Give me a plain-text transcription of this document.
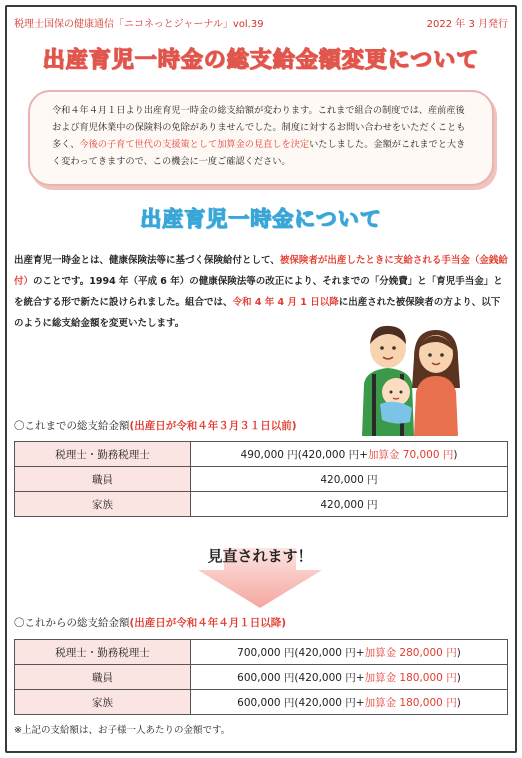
税理士国保の健康通信「ニコネっとジャーナル」vol.39	2022 年 3 月発行
出産育児一時金の総支給金額変更について
令和４年４月１日より出産育児一時金の総支給額が変わります。これまで組合の制度では、産前産後および育児休業中の保険料の免除がありませんでした。制度に対するお問い合わせをいただくことも多く、今後の子育て世代の支援策として加算金の見直しを決定いたしました。金額がこれまでと大きく変わってきますので、この機会に一度ご確認ください。
出産育児一時金について
出産育児一時金とは、健康保険法等に基づく保険給付として、被保険者が出産したときに支給される手当金（金銭給付）のことです。1994 年（平成 6 年）の健康保険法等の改正により、それまでの「分娩費」と「育児手当金」とを統合する形で新たに設けられました。組合では、令和 4 年 4 月 1 日以降に出産された被保険者の方より、以下のように総支給金額を変更いたします。
〇これまでの総支給金額(出産日が令和４年３月３１日以前)
税理士・勤務税理士	490,000 円(420,000 円+加算金 70,000 円)
職員	420,000 円
家族	420,000 円
見直されます！
〇これからの総支給金額(出産日が令和４年４月１日以降)
税理士・勤務税理士	700,000 円(420,000 円+加算金 280,000 円)
職員	600,000 円(420,000 円+加算金 180,000 円)
家族	600,000 円(420,000 円+加算金 180,000 円)
※上記の支給額は、お子様一人あたりの金額です。
